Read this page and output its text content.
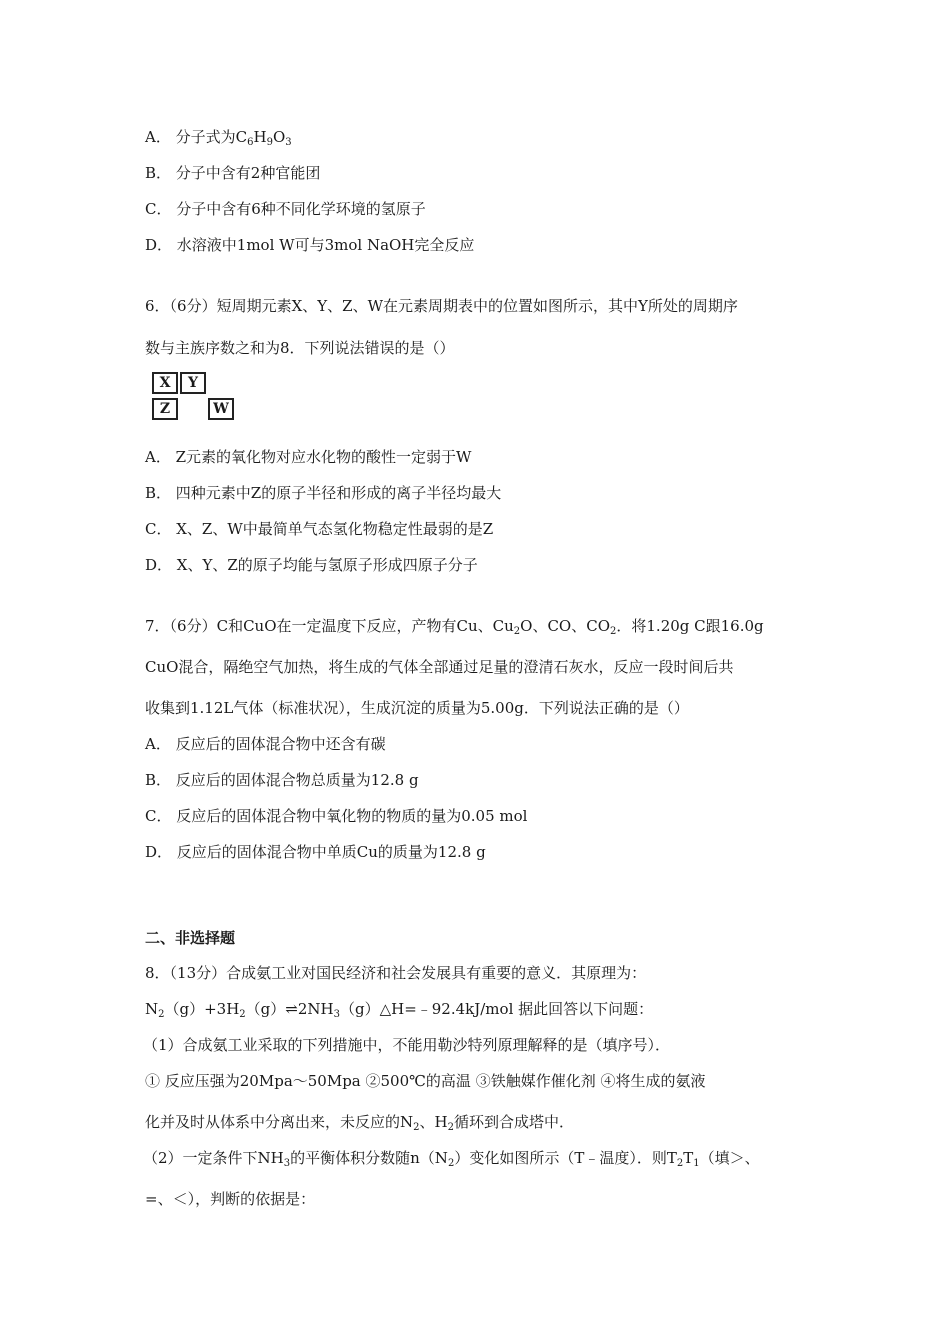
A． 分子式为$C_6H_9O_3$
B． 分子中含有2种官能团
C． 分子中含有6种不同化学环境的氢原子
D． 水溶液中1mol W可与3mol NaOH完全反应
6．（6分）短周期元素X、Y、Z、W在元素周期表中的位置如图所示，其中Y所处的周期序
数与主族序数之和为8．下列说法错误的是（）
X	Y
Z	W
A． Z元素的氧化物对应水化物的酸性一定弱于W
B． 四种元素中Z的原子半径和形成的离子半径均最大
C． X、Z、W中最简单气态氢化物稳定性最弱的是Z
D． X、Y、Z的原子均能与氢原子形成四原子分子
7．（6分）C和CuO在一定温度下反应，产物有Cu、$Cu_2O$、CO、$CO_2$．将1.20g C跟16.0g
CuO混合，隔绝空气加热，将生成的气体全部通过足量的澄清石灰水，反应一段时间后共
收集到1.12L气体（标准状况），生成沉淀的质量为5.00g．下列说法正确的是（）
A． 反应后的固体混合物中还含有碳
B． 反应后的固体混合物总质量为12.8 g
C． 反应后的固体混合物中氧化物的物质的量为0.05 mol
D． 反应后的固体混合物中单质Cu的质量为12.8 g
二、非选择题
8．（13分）合成氨工业对国民经济和社会发展具有重要的意义．其原理为：
$N_2(g)+3H_2(g)\rightleftharpoons 2NH_3(g)\triangle H=﹣92.4kJ$/mol 据此回答以下问题：
（1）合成氨工业采取的下列措施中，不能用勒沙特列原理解释的是（填序号）．
① 反应压强为20Mpa～50Mpa ②500℃的高温 ③铁触媒作催化剂 ④将生成的氨液
化并及时从体系中分离出来，未反应的$N_2$、$H_2$循环到合成塔中．
（2）一定条件下$NH_3$的平衡体积分数随$n(N_2)$变化如图所示（T﹣温度）．则$T_2T_1$（填＞、
=、＜），判断的依据是：
